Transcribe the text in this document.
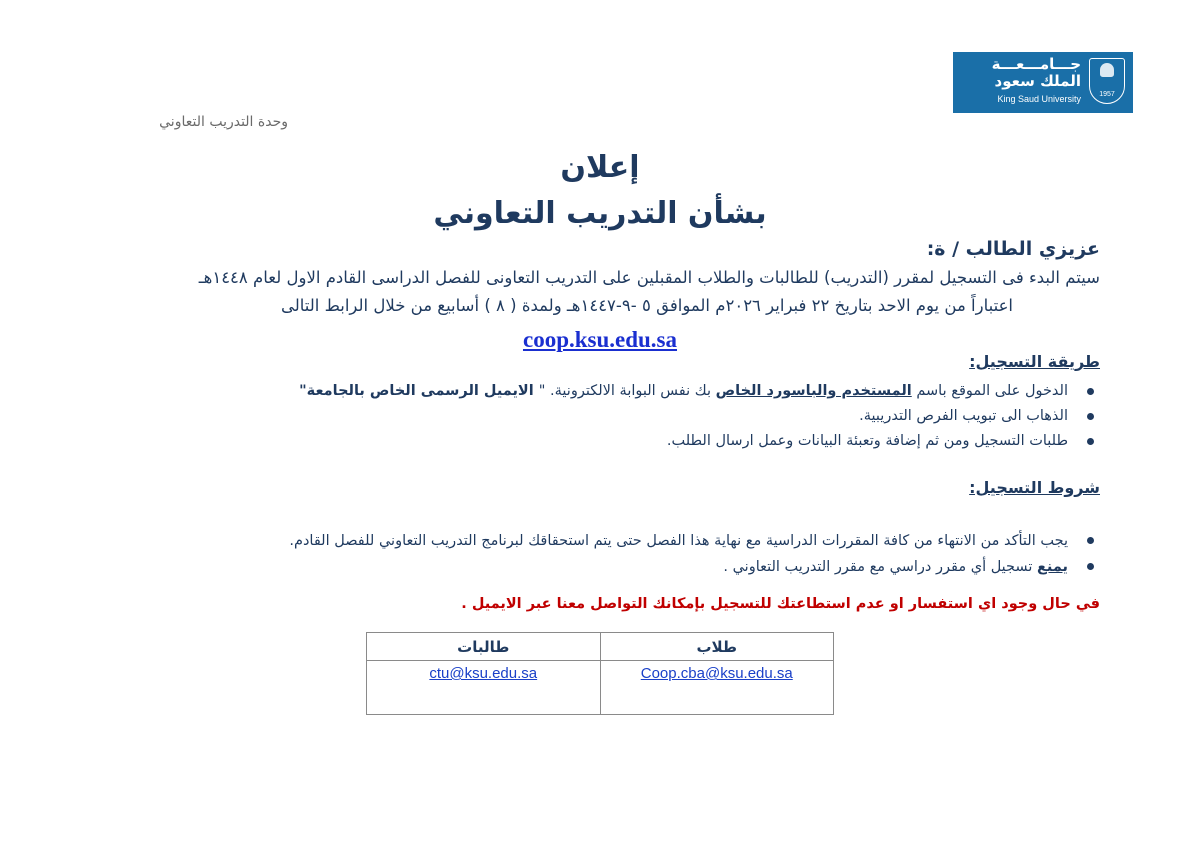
جـــامـــعـــة
الملك سعود
King Saud University	1957
وحدة التدريب التعاوني
إعلان
بشأن التدريب التعاوني
عزيزي الطالب / ة:
سيتم البدء فى التسجيل لمقرر (التدريب) للطالبات والطلاب المقبلين على التدريب التعاونى للفصل الدراسى القادم الاول لعام ١٤٤٨هـ
اعتباراً من يوم الاحد بتاريخ ٢٢ فبراير ٢٠٢٦م الموافق ٥ -٩-١٤٤٧هـ ولمدة ( ٨ ) أسابيع من خلال الرابط التالى
coop.ksu.edu.sa
طريقة التسجيل:
الدخول على الموقع باسم المستخدم والباسورد الخاص بك نفس البوابة الالكترونية. " الايميل الرسمى الخاص بالجامعة"
الذهاب الى تبويب الفرص التدريبية.
طلبات التسجيل ومن ثم إضافة وتعبئة البيانات وعمل ارسال الطلب.
شروط التسجيل:
يجب التأكد من الانتهاء من كافة المقررات الدراسية مع نهاية هذا الفصل حتى يتم استحقاقك لبرنامج التدريب التعاوني للفصل القادم.
يمنع تسجيل أي مقرر دراسي مع مقرر التدريب التعاوني .
في حال وجود اي استفسار او عدم استطاعتك للتسجيل بإمكانك التواصل معنا عبر الايميل .
طلاب	طالبات
Coop.cba@ksu.edu.sa	ctu@ksu.edu.sa
